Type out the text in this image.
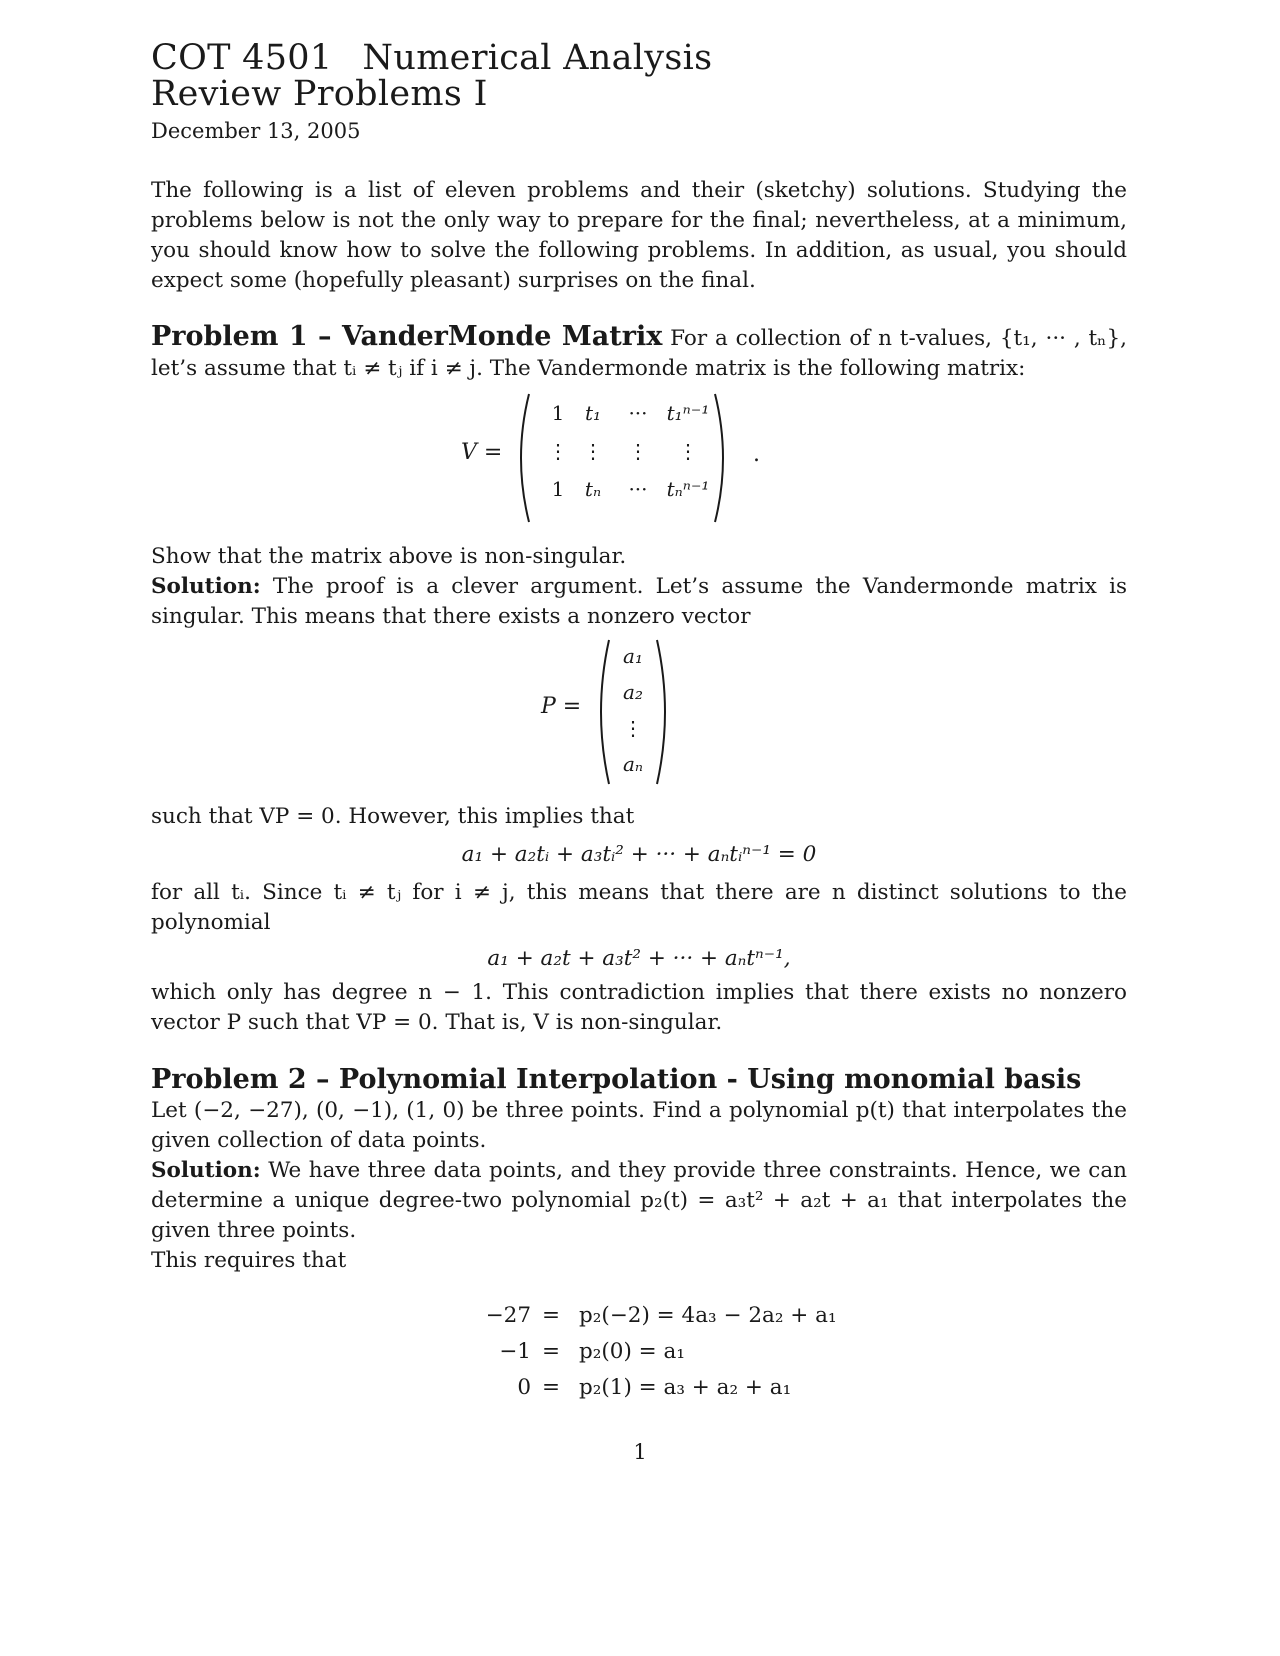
COT 4501 Numerical Analysis
Review Problems I
December 13, 2005

The following is a list of eleven problems and their (sketchy) solutions. Studying the problems below is not the only way to prepare for the final; nevertheless, at a minimum, you should know how to solve the following problems. In addition, as usual, you should expect some (hopefully pleasant) surprises on the final.

Problem 1 – VanderMonde Matrix For a collection of n t-values, {t₁, ··· , tₙ}, let’s assume that tᵢ ≠ tⱼ if i ≠ j. The Vandermonde matrix is the following matrix:

V =
1	t₁	··· t₁ⁿ⁻¹
⋮ ⋮	⋮	⋮
1	tₙ	··· tₙⁿ⁻¹
.

Show that the matrix above is non-singular.

Solution: The proof is a clever argument. Let’s assume the Vandermonde matrix is singular. This means that there exists a nonzero vector

P =
a₁
a₂
⋮
aₙ

such that VP = 0. However, this implies that

a₁ + a₂tᵢ + a₃tᵢ² + ··· + aₙtᵢⁿ⁻¹ = 0

for all tᵢ. Since tᵢ ≠ tⱼ for i ≠ j, this means that there are n distinct solutions to the polynomial

a₁ + a₂t + a₃t² + ··· + aₙtⁿ⁻¹,

which only has degree n − 1. This contradiction implies that there exists no nonzero vector P such that VP = 0. That is, V is non-singular.

Problem 2 – Polynomial Interpolation - Using monomial basis

Let (−2, −27), (0, −1), (1, 0) be three points. Find a polynomial p(t) that interpolates the given collection of data points.

Solution: We have three data points, and they provide three constraints. Hence, we can determine a unique degree-two polynomial p₂(t) = a₃t² + a₂t + a₁ that interpolates the given three points.

This requires that

−27 = p₂(−2) = 4a₃ − 2a₂ + a₁
−1 = p₂(0) = a₁
0 = p₂(1) = a₃ + a₂ + a₁
1
